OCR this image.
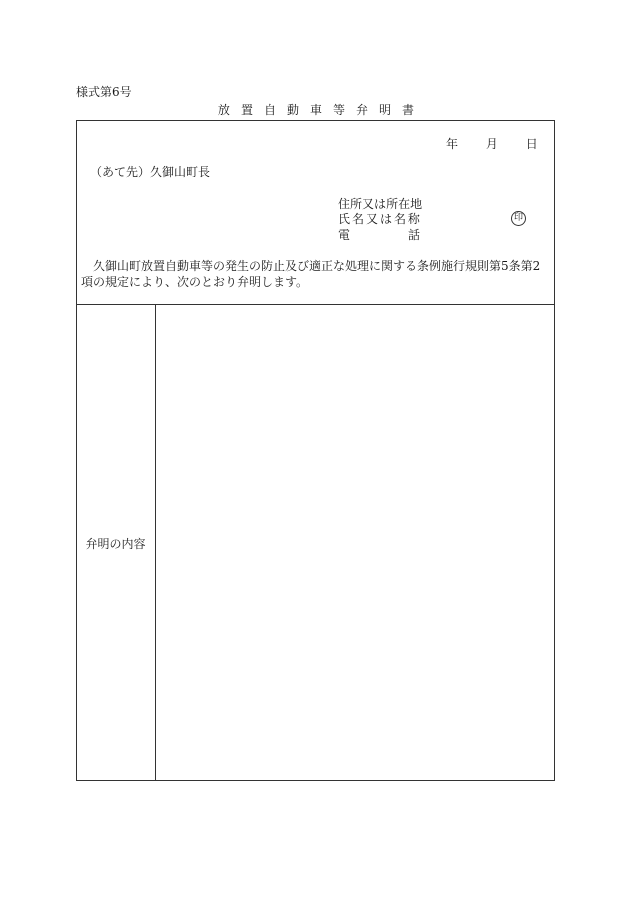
様式第6号
放 置 自 動 車 等 弁 明 書
年 月 日
（あて先）久御山町長
住 所 又 は 所 在 地
氏 名 又 は 名 称
電	話
印
久御山町放置自動車等の発生の防止及び適正な処理に関する条例施行規則第5条第2項の規定により、次のとおり弁明します。
弁明の内容
